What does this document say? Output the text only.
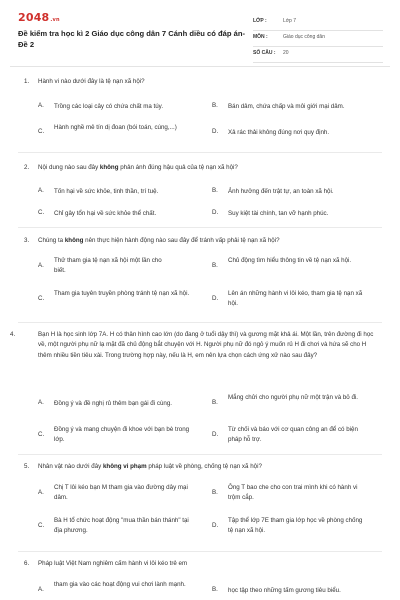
2048.vn
Đề kiểm tra học kì 2 Giáo dục công dân 7 Cánh diều có đáp án- Đề 2
LỚP :	Lớp 7
MÔN :	Giáo dục công dân
SỐ CÂU : 20
1. Hành vi nào dưới đây là tệ nạn xã hội?
A. Trồng các loại cây có chứa chất ma túy.	B. Bán dâm, chứa chấp và môi giới mại dâm.
C.
Hành nghề mê tín dị đoan (bói toán, cúng,...)
D. Xả rác thải không đúng nơi quy định.
2. Nội dung nào sau đây không phản ánh đúng hậu quả của tệ nạn xã hội?
A. Tốn hại về sức khỏe, tinh thần, trí tuệ.	B. Ảnh hưởng đến trật tự, an toàn xã hội.
C. Chỉ gây tổn hại về sức khỏe thể chất.	D. Suy kiệt tài chính, tan vỡ hạnh phúc.
3. Chúng ta không nên thực hiện hành động nào sau đây để tránh vấp phải tệ nạn xã hội?
A.
Thử tham gia tệ nạn xã hội một lần cho biết.
B.
Chủ động tìm hiểu thông tin về tệ nạn xã hội.
C.
Tham gia tuyên truyền phòng tránh tệ nạn xã hội.
D.
Lên án những hành vi lôi kéo, tham gia tệ nạn xã hội.
4.	Bạn H là học sinh lớp 7A. H có thân hình cao lớn (do đang ở tuổi dậy thì) và gương mặt khả ái. Một lần, trên đường đi học về, một người phụ nữ lạ mặt đã chủ động bắt chuyện với H. Người phụ nữ đó ngỏ ý muốn rủ H đi chơi và hứa sẽ cho H thêm nhiều tiền tiêu xài. Trong trường hợp này, nếu là H, em nên lựa chọn cách ứng xử nào sau đây?
A. Đồng ý và đề nghị rủ thêm bạn gái đi cùng.	B.
Mắng chửi cho người phụ nữ một trận và bỏ đi.
C.
Đồng ý và mang chuyện đi khoe với bạn bè trong lớp.
D.
Từ chối và báo với cơ quan công an để có biện pháp hỗ trợ.
5. Nhân vật nào dưới đây không vi phạm pháp luật về phòng, chống tệ nạn xã hội?
A.
Chị T lôi kéo bạn M tham gia vào đường dây mại dâm.
B.
Ông T bao che cho con trai mình khi có hành vi trộm cắp.
C.
Bà H tổ chức hoạt động "mua thần bán thánh" tại địa phương.
D.
Tập thể lớp 7E tham gia lớp học về phòng chống tệ nạn xã hội.
6. Pháp luật Việt Nam nghiêm cấm hành vi lôi kéo trẻ em
A.
tham gia vào các hoạt động vui chơi lành mạnh.
B. học tập theo những tấm gương tiêu biểu.
